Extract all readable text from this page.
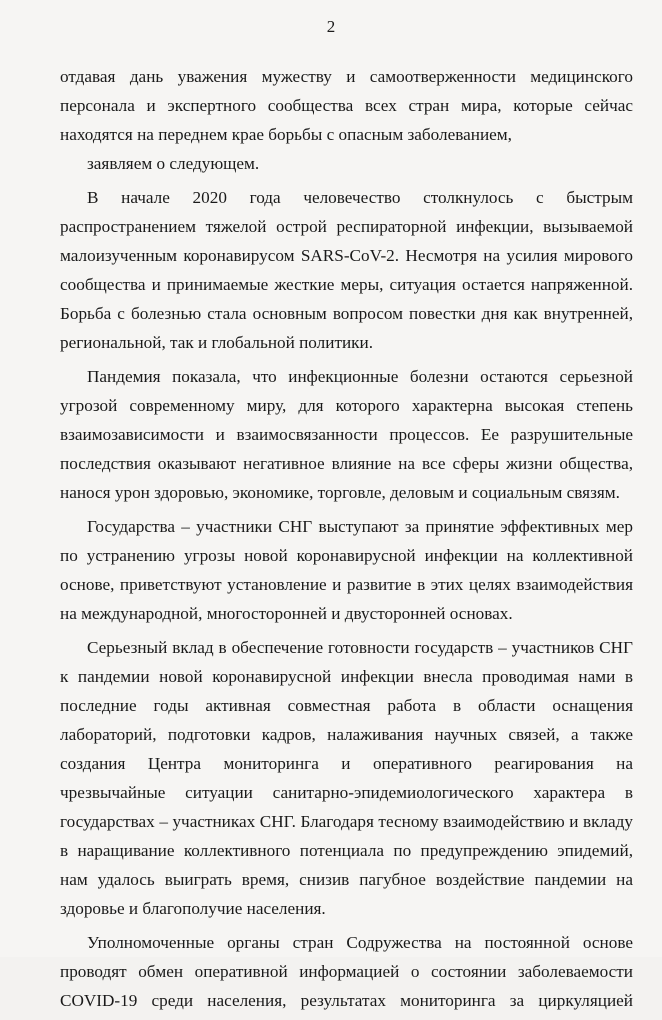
2

отдавая дань уважения мужеству и самоотверженности медицинского персонала и экспертного сообщества всех стран мира, которые сейчас находятся на переднем крае борьбы с опасным заболеванием,

заявляем о следующем.

В начале 2020 года человечество столкнулось с быстрым распространением тяжелой острой респираторной инфекции, вызываемой малоизученным коронавирусом SARS-CoV-2. Несмотря на усилия мирового сообщества и принимаемые жесткие меры, ситуация остается напряженной. Борьба с болезнью стала основным вопросом повестки дня как внутренней, региональной, так и глобальной политики.

Пандемия показала, что инфекционные болезни остаются серьезной угрозой современному миру, для которого характерна высокая степень взаимозависимости и взаимосвязанности процессов. Ее разрушительные последствия оказывают негативное влияние на все сферы жизни общества, нанося урон здоровью, экономике, торговле, деловым и социальным связям.

Государства – участники СНГ выступают за принятие эффективных мер по устранению угрозы новой коронавирусной инфекции на коллективной основе, приветствуют установление и развитие в этих целях взаимодействия на международной, многосторонней и двусторонней основах.

Серьезный вклад в обеспечение готовности государств – участников СНГ к пандемии новой коронавирусной инфекции внесла проводимая нами в последние годы активная совместная работа в области оснащения лабораторий, подготовки кадров, налаживания научных связей, а также создания Центра мониторинга и оперативного реагирования на чрезвычайные ситуации санитарно-эпидемиологического характера в государствах – участниках СНГ. Благодаря тесному взаимодействию и вкладу в наращивание коллективного потенциала по предупреждению эпидемий, нам удалось выиграть время, снизив пагубное воздействие пандемии на здоровье и благополучие населения.

Уполномоченные органы стран Содружества на постоянной основе проводят обмен оперативной информацией о состоянии заболеваемости COVID-19 среди населения, результатах мониторинга за циркуляцией
